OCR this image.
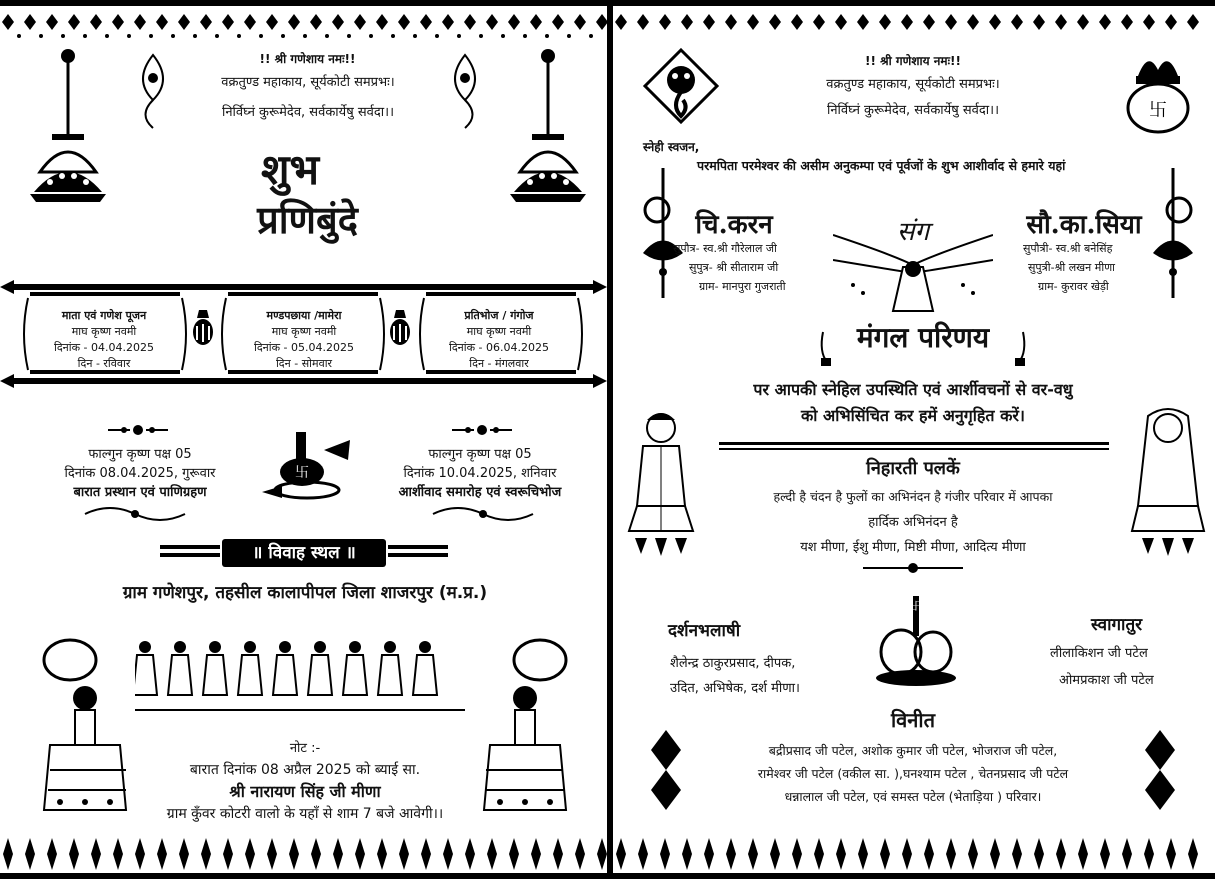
!! श्री गणेशाय नमः!!
वक्रतुण्ड महाकाय, सूर्यकोटी समप्रभः।
निर्विघ्नं कुरूमेदेव, सर्वकार्येषु सर्वदा।।
शुभ
प्रणिबुंदे
माता एवं गणेश पूजन
माघ कृष्ण नवमी
दिनांक - 04.04.2025
दिन - रविवार
मण्डपछाया /मामेरा
माघ कृष्ण नवमी
दिनांक - 05.04.2025
दिन - सोमवार
प्रतिभोज / गंगोज
माघ कृष्ण नवमी
दिनांक - 06.04.2025
दिन - मंगलवार
फाल्गुन कृष्ण पक्ष 05
दिनांक 08.04.2025, गुरूवार
बारात प्रस्थान एवं पाणिग्रहण
फाल्गुन कृष्ण पक्ष 05
दिनांक 10.04.2025, शनिवार
आर्शीवाद समारोह एवं स्वरूचिभोज
卐
॥ विवाह स्थल ॥
ग्राम गणेशपुर, तहसील कालापीपल जिला शाजरपुर (म.प्र.)
नोट :-
बारात दिनांक 08 अप्रैल 2025 को ब्याई सा.
श्री नारायण सिंह जी मीणा
ग्राम कुँवर कोटरी वालो के यहाँ से शाम 7 बजे आवेगी।।
卐
!! श्री गणेशाय नमः!!
वक्रतुण्ड महाकाय, सूर्यकोटी समप्रभः।
निर्विघ्नं कुरूमेदेव, सर्वकार्येषु सर्वदा।।
स्नेही स्वजन,
परमपिता परमेश्वर की असीम अनुकम्पा एवं पूर्वजों के शुभ आशीर्वाद से हमारे यहां
चि.करन
सुपौत्र- स्व.श्री गौरेलाल जी
सुपुत्र- श्री सीताराम जी
ग्राम- मानपुरा गुजराती
सौ.का.सिया
सुपौत्री- स्व.श्री बनेसिंह
सुपुत्री-श्री लखन मीणा
ग्राम- कुरावर खेड़ी
संग
मंगल परिणय
पर आपकी स्नेहिल उपस्थिति एवं आर्शीवचनों से वर-वधु
को अभिसिंचित कर हमें अनुगृहित करें।
निहारती पलकें
हल्दी है चंदन है फुलों का अभिनंदन है गंजीर परिवार में आपका
हार्दिक अभिनंदन है
यश मीणा, ईशु मीणा, मिष्टी मीणा, आदित्य मीणा
दर्शनभलाषी
शैलेन्द्र ठाकुरप्रसाद, दीपक,
उदित, अभिषेक, दर्श मीणा।
卐
स्वागातुर
लीलाकिशन जी पटेल
ओमप्रकाश जी पटेल
विनीत
बद्रीप्रसाद जी पटेल, अशोक कुमार जी पटेल, भोजराज जी पटेल,
रामेश्वर जी पटेल (वकील सा. ),घनश्याम पटेल , चेतनप्रसाद जी पटेल
धन्नालाल जी पटेल, एवं समस्त पटेल (भेताड़िया ) परिवार।
